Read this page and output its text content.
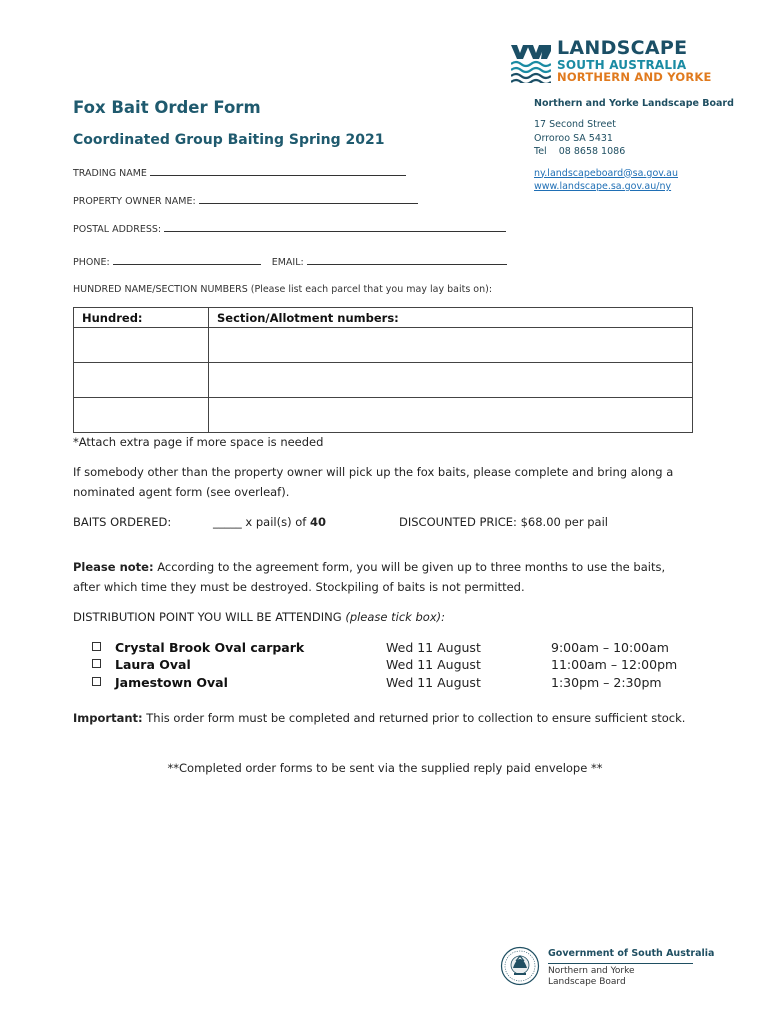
LANDSCAPE
SOUTH AUSTRALIA
NORTHERN AND YORKE
Northern and Yorke Landscape Board
17 Second Street
Orroroo SA 5431
Tel    08 8658 1086
ny.landscapeboard@sa.gov.au
www.landscape.sa.gov.au/ny
Fox Bait Order Form
Coordinated Group Baiting Spring 2021
TRADING NAME
PROPERTY OWNER NAME:
POSTAL ADDRESS:
PHONE:	EMAIL:
HUNDRED NAME/SECTION NUMBERS (Please list each parcel that you may lay baits on):
Hundred:	Section/Allotment numbers:

*Attach extra page if more space is needed
If somebody other than the property owner will pick up the fox baits, please complete and bring along a nominated agent form (see overleaf).
BAITS ORDERED:	_____ x pail(s) of 40	DISCOUNTED PRICE: $68.00 per pail
Please note: According to the agreement form, you will be given up to three months to use the baits, after which time they must be destroyed. Stockpiling of baits is not permitted.
DISTRIBUTION POINT YOU WILL BE ATTENDING (please tick box):
Crystal Brook Oval carpark	Wed 11 August	9:00am – 10:00am
Laura Oval	Wed 11 August	11:00am – 12:00pm
Jamestown Oval	Wed 11 August	1:30pm – 2:30pm
Important: This order form must be completed and returned prior to collection to ensure sufficient stock.
**Completed order forms to be sent via the supplied reply paid envelope **
Government of South Australia
Northern and Yorke
Landscape Board
